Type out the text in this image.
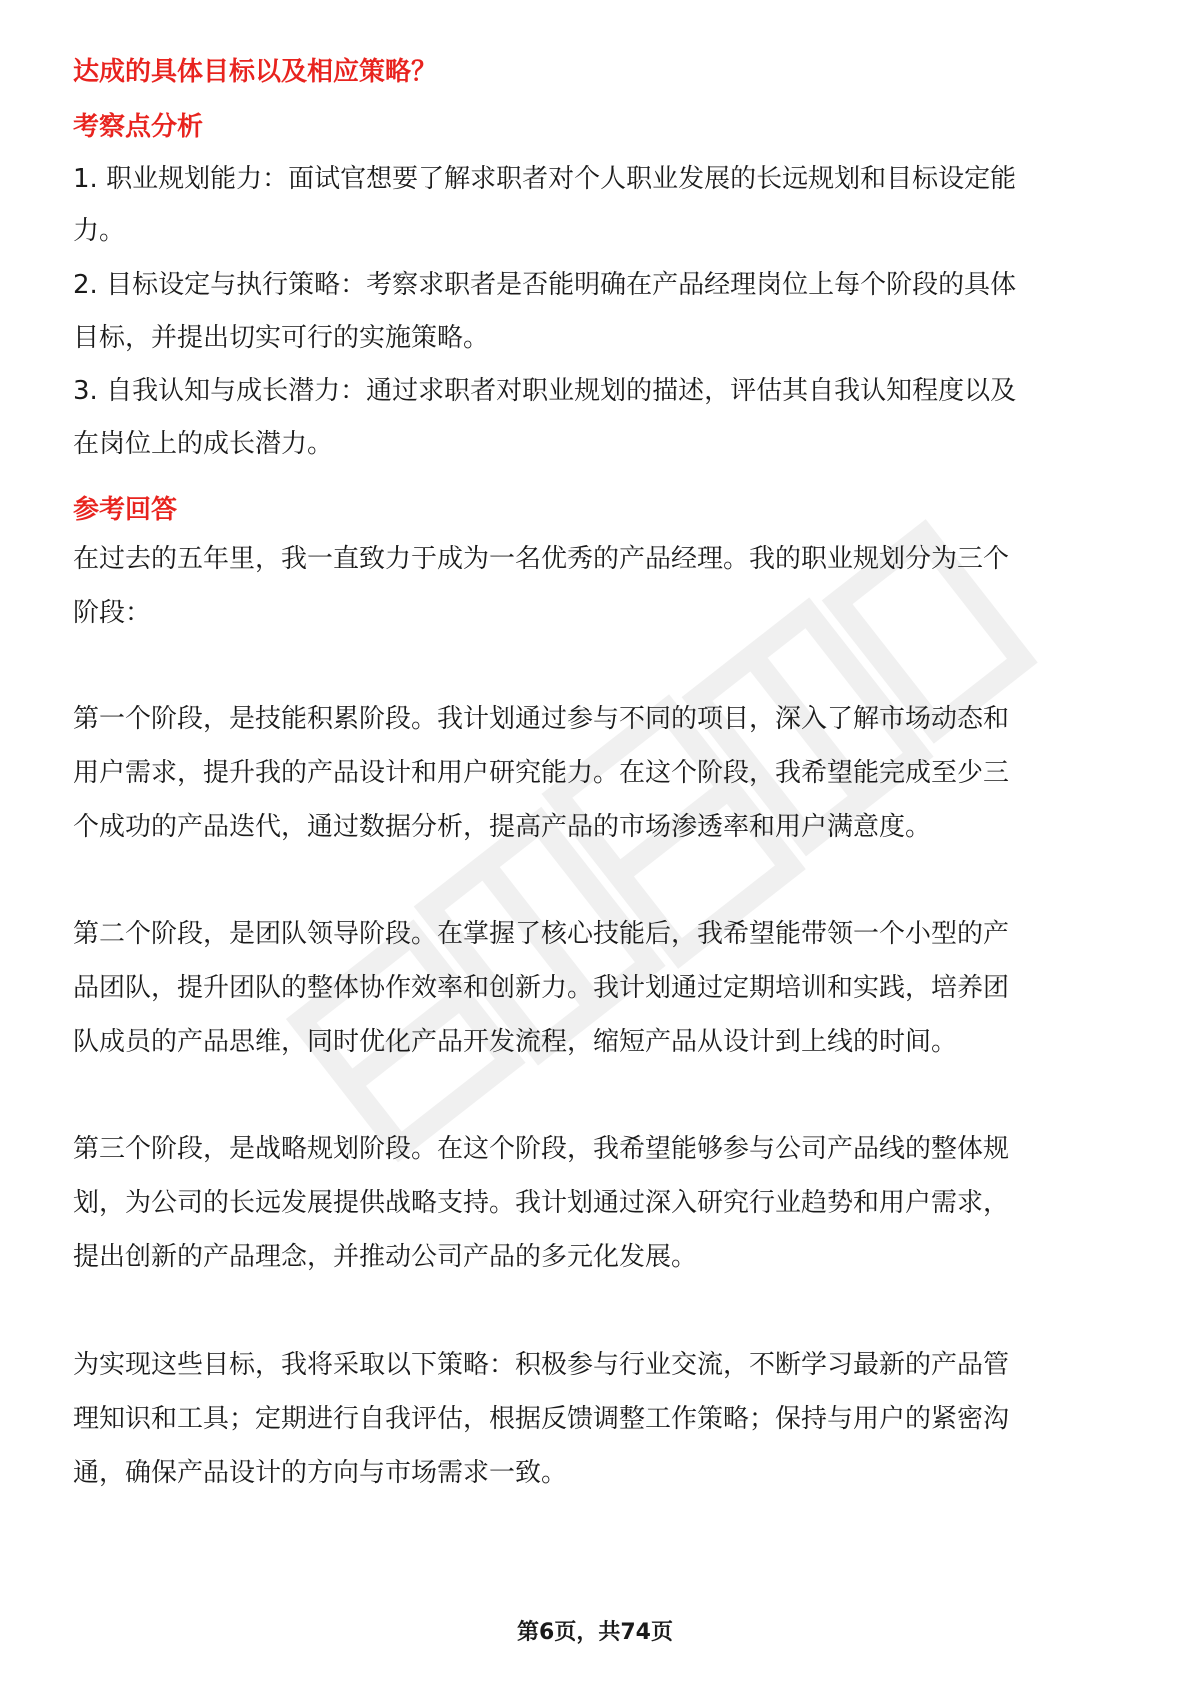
达成的具体目标以及相应策略？
考察点分析
1. 职业规划能力：面试官想要了解求职者对个人职业发展的长远规划和目标设定能
力。
2. 目标设定与执行策略：考察求职者是否能明确在产品经理岗位上每个阶段的具体
目标，并提出切实可行的实施策略。
3. 自我认知与成长潜力：通过求职者对职业规划的描述，评估其自我认知程度以及
在岗位上的成长潜力。
参考回答
在过去的五年里，我一直致力于成为一名优秀的产品经理。我的职业规划分为三个
阶段：
第一个阶段，是技能积累阶段。我计划通过参与不同的项目，深入了解市场动态和
用户需求，提升我的产品设计和用户研究能力。在这个阶段，我希望能完成至少三
个成功的产品迭代，通过数据分析，提高产品的市场渗透率和用户满意度。
第二个阶段，是团队领导阶段。在掌握了核心技能后，我希望能带领一个小型的产
品团队，提升团队的整体协作效率和创新力。我计划通过定期培训和实践，培养团
队成员的产品思维，同时优化产品开发流程，缩短产品从设计到上线的时间。
第三个阶段，是战略规划阶段。在这个阶段，我希望能够参与公司产品线的整体规
划，为公司的长远发展提供战略支持。我计划通过深入研究行业趋势和用户需求，
提出创新的产品理念，并推动公司产品的多元化发展。
为实现这些目标，我将采取以下策略：积极参与行业交流，不断学习最新的产品管
理知识和工具；定期进行自我评估，根据反馈调整工作策略；保持与用户的紧密沟
通，确保产品设计的方向与市场需求一致。
第6页，共74页
